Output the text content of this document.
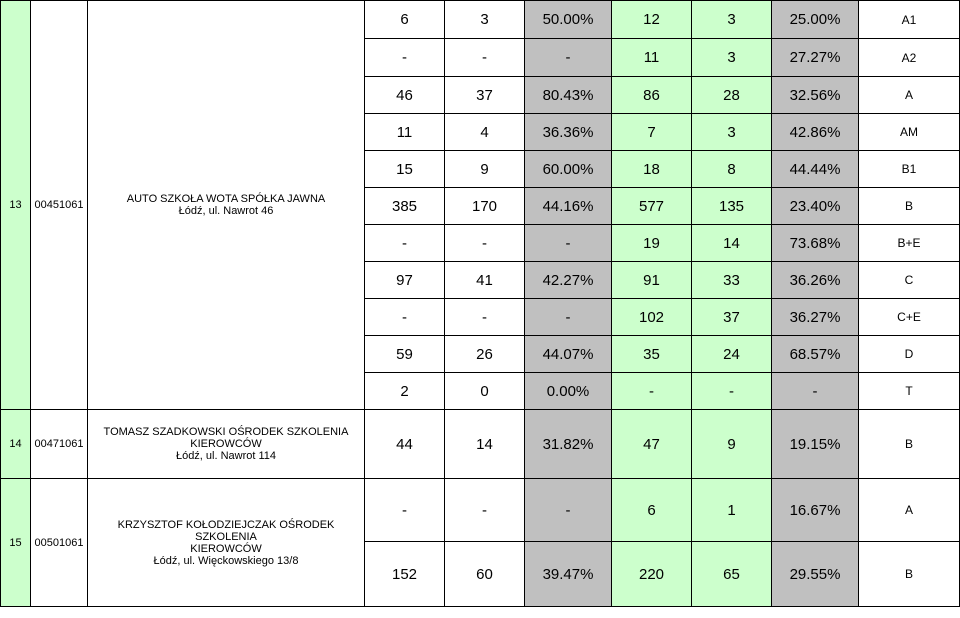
13	00451061	AUTO SZKOŁA WOTA SPÓŁKA JAWNA
Łódź, ul. Nawrot 46	6	3	50.00%	12	3	25.00%	A1
			-	-	-	11	3	27.27%	A2
			46	37	80.43%	86	28	32.56%	A
			11	4	36.36%	7	3	42.86%	AM
			15	9	60.00%	18	8	44.44%	B1
			385	170	44.16%	577	135	23.40%	B
			-	-	-	19	14	73.68%	B+E
			97	41	42.27%	91	33	36.26%	C
			-	-	-	102	37	36.27%	C+E
			59	26	44.07%	35	24	68.57%	D
			2	0	0.00%	-	-	-	T
14	00471061	TOMASZ SZADKOWSKI OŚRODEK SZKOLENIA
KIEROWCÓW
Łódź, ul. Nawrot 114	44	14	31.82%	47	9	19.15%	B
15	00501061	KRZYSZTOF KOŁODZIEJCZAK OŚRODEK SZKOLENIA
KIEROWCÓW
Łódź, ul. Więckowskiego 13/8	-	-	-	6	1	16.67%	A
			152	60	39.47%	220	65	29.55%	B
